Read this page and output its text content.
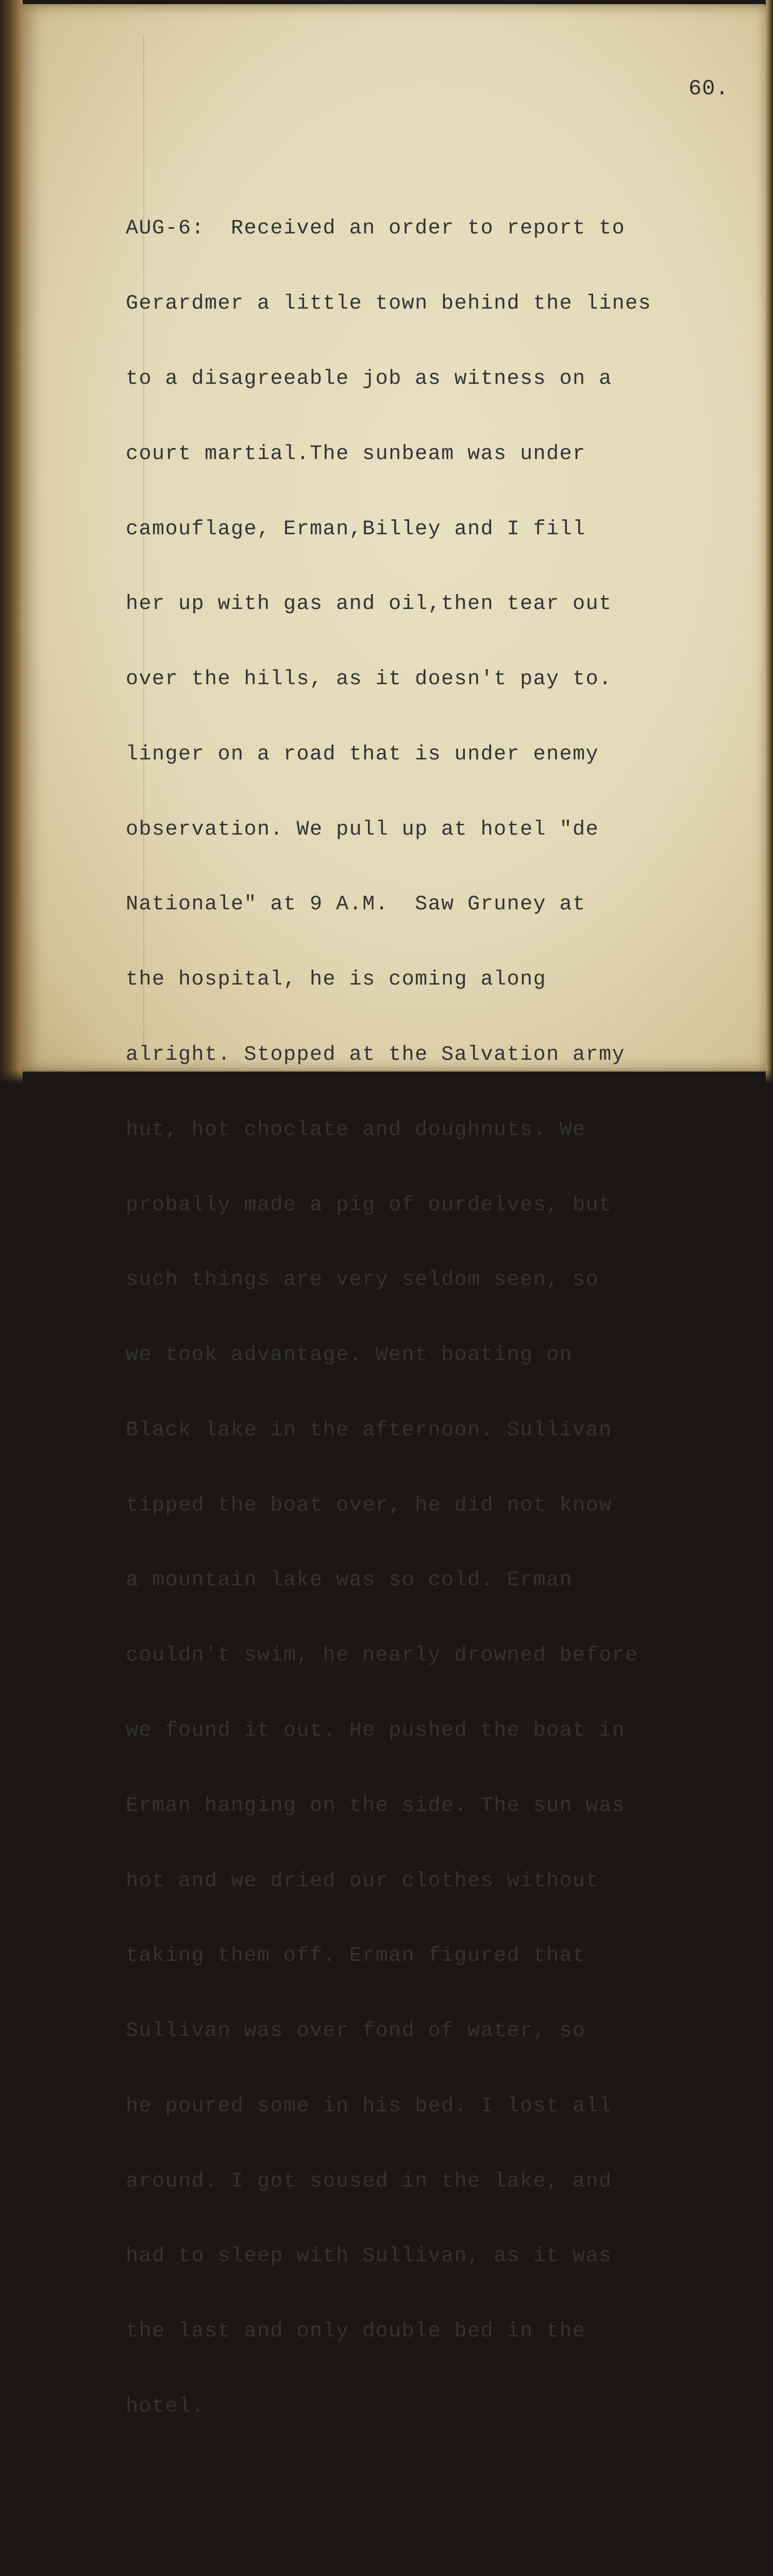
60.

AUG-6:  Received an order to report to

Gerardmer a little town behind the lines

to a disagreeable job as witness on a

court martial.The sunbeam was under

camouflage, Erman,Billey and I fill

her up with gas and oil,then tear out

over the hills, as it doesn't pay to.

linger on a road that is under enemy

observation. We pull up at hotel "de

Nationale" at 9 A.M.  Saw Gruney at

the hospital, he is coming along

alright. Stopped at the Salvation army

hut, hot choclate and doughnuts. We

probally made a pig of ourdelves, but

such things are very seldom seen, so

we took advantage. Went boating on

Black lake in the afternoon. Sullivan

tipped the boat over, he did not know

a mountain lake was so cold. Erman

couldn't swim, he nearly drowned before

we found it out. He pushed the boat in

Erman hanging on the side. The sun was

hot and we dried our clothes without

taking them off. Erman figured that

Sullivan was over fond of water, so

he poured some in his bed. I lost all

around. I got soused in the lake, and

had to sleep with Sullivan, as it was

the last and only double bed in the

hotel.
